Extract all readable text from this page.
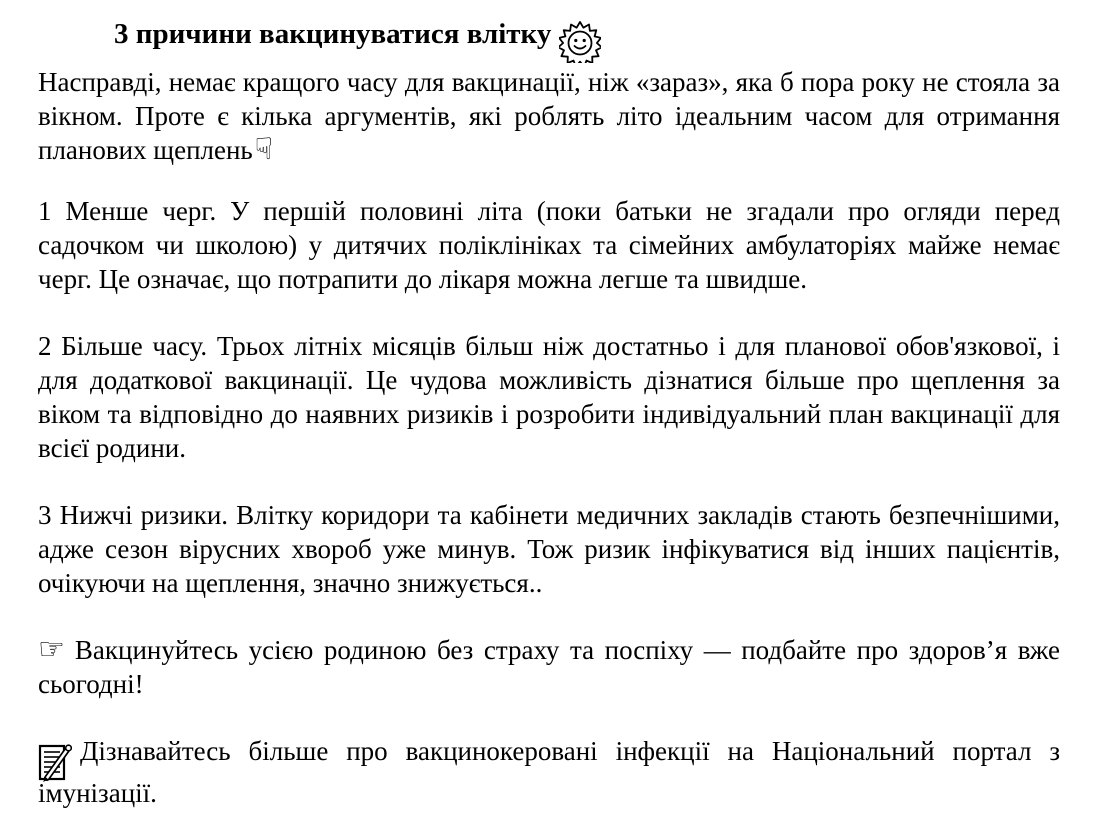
3 причини вакцинуватися влітку

Насправді, немає кращого часу для вакцинації, ніж «зараз», яка б пора року не стояла за вікном. Проте є кілька аргументів, які роблять літо ідеальним часом для отримання планових щеплень☟

1 Менше черг. У першій половині літа (поки батьки не згадали про огляди перед садочком чи школою) у дитячих поліклініках та сімейних амбулаторіях майже немає черг. Це означає, що потрапити до лікаря можна легше та швидше.

2 Більше часу. Трьох літніх місяців більш ніж достатньо і для планової обов'язкової, і для додаткової вакцинації. Це чудова можливість дізнатися більше про щеплення за віком та відповідно до наявних ризиків і розробити індивідуальний план вакцинації для всієї родини.

3 Нижчі ризики. Влітку коридори та кабінети медичних закладів стають безпечнішими, адже сезон вірусних хвороб уже минув. Тож ризик інфікуватися від інших пацієнтів, очікуючи на щеплення, значно знижується..

☞ Вакцинуйтесь усією родиною без страху та поспіху — подбайте про здоров’я вже сьогодні!

Дізнавайтесь більше про вакцинокеровані інфекції на Національний портал з імунізації.
